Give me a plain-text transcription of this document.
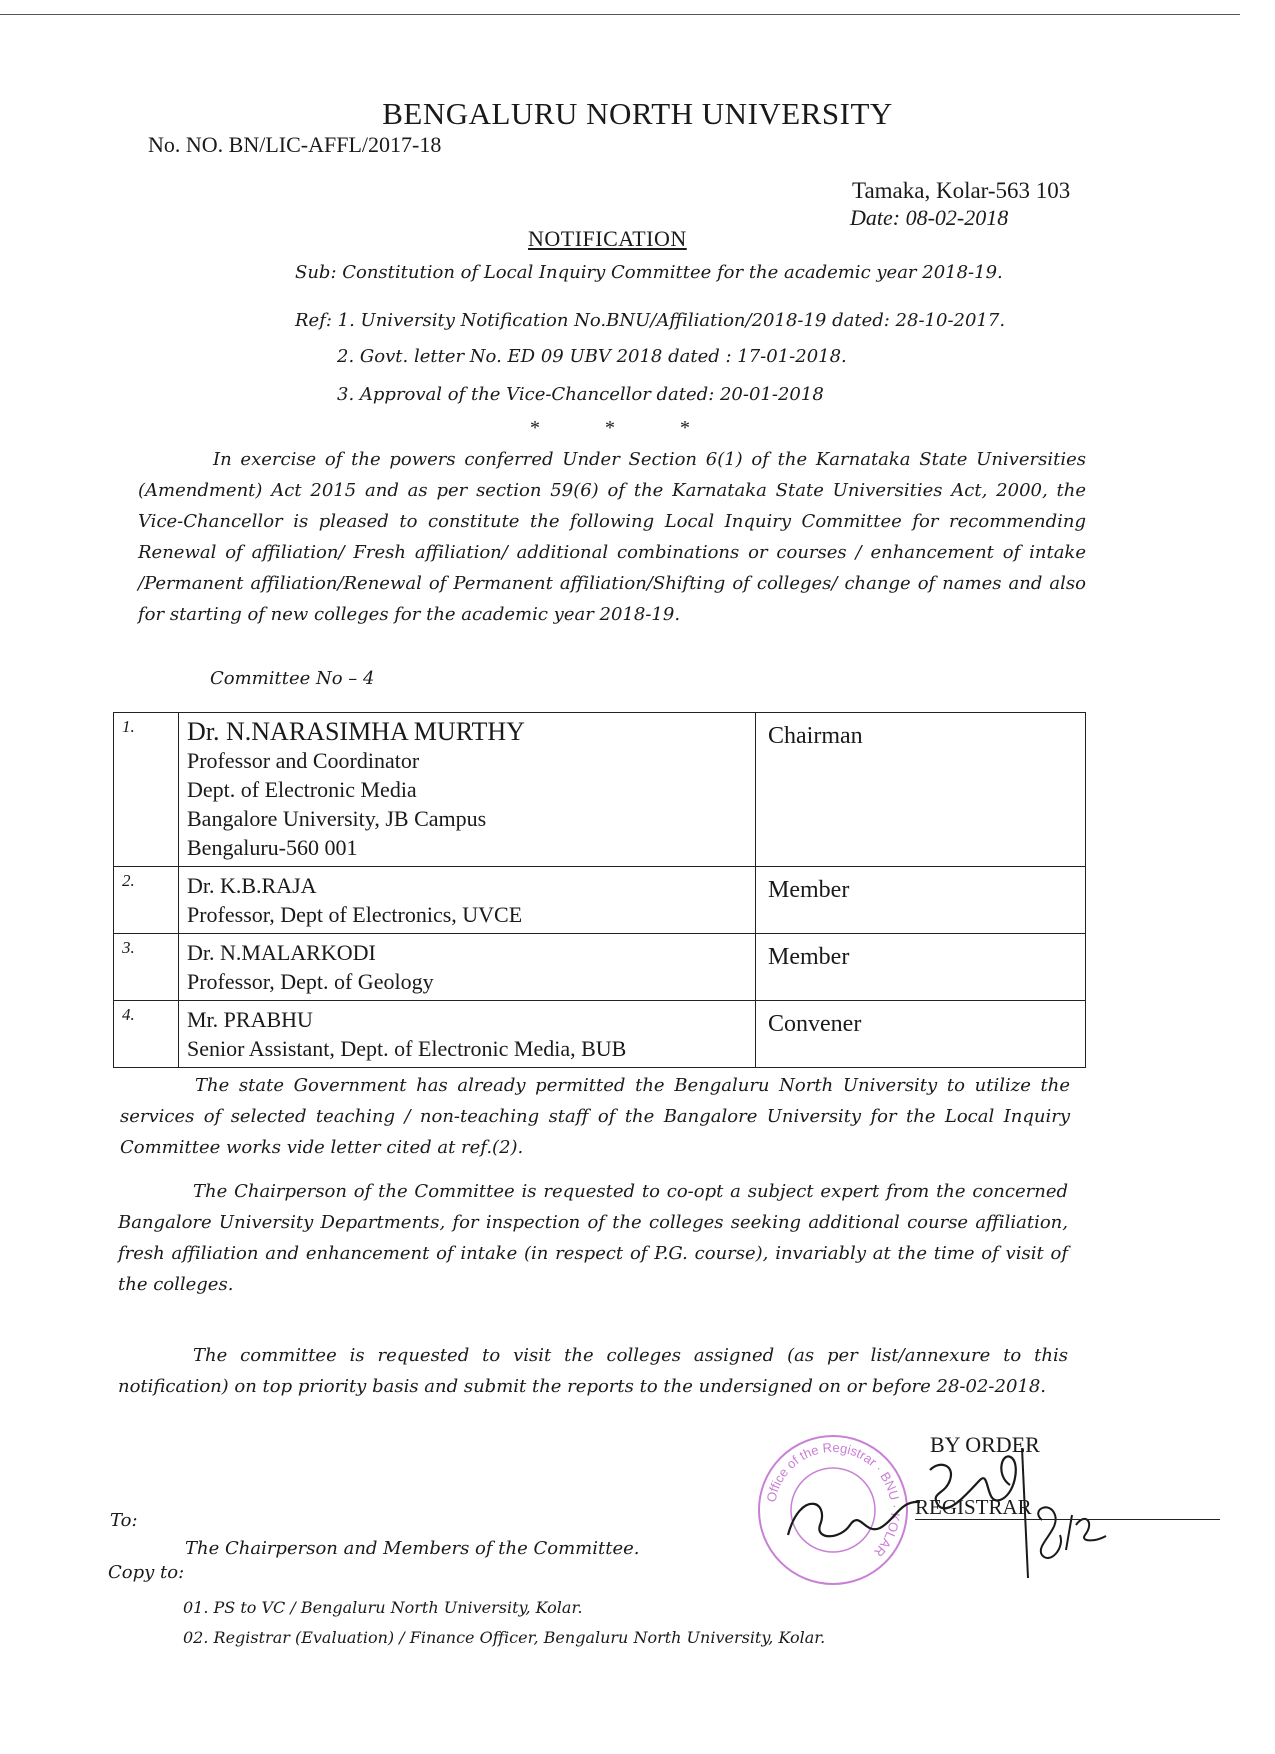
BENGALURU NORTH UNIVERSITY
No. NO. BN/LIC-AFFL/2017-18
Tamaka, Kolar-563 103
Date: 08-02-2018
NOTIFICATION
Sub: Constitution of Local Inquiry Committee for the academic year 2018-19.
Ref: 1. University Notification No.BNU/Affiliation/2018-19 dated: 28-10-2017.
2. Govt. letter No. ED 09 UBV 2018 dated : 17-01-2018.
3. Approval of the Vice-Chancellor dated: 20-01-2018
*	*	*
In exercise of the powers conferred Under Section 6(1) of the Karnataka State Universities (Amendment) Act 2015 and as per section 59(6) of the Karnataka State Universities Act, 2000, the Vice-Chancellor is pleased to constitute the following Local Inquiry Committee for recommending Renewal of affiliation/ Fresh affiliation/ additional combinations or courses / enhancement of intake /Permanent affiliation/Renewal of Permanent affiliation/Shifting of colleges/ change of names and also for starting of new colleges for the academic year 2018-19.
Committee No – 4
1.	Dr. N.NARASIMHA MURTHY
Professor and Coordinator
Dept. of Electronic Media
Bangalore University, JB Campus
Bengaluru-560 001	Chairman
2.	Dr. K.B.RAJA
Professor, Dept of Electronics, UVCE	Member
3.	Dr. N.MALARKODI
Professor, Dept. of Geology	Member
4.	Mr. PRABHU
Senior Assistant, Dept. of Electronic Media, BUB	Convener
The state Government has already permitted the Bengaluru North University to utilize the services of selected teaching / non-teaching staff of the Bangalore University for the Local Inquiry Committee works vide letter cited at ref.(2).
The Chairperson of the Committee is requested to co-opt a subject expert from the concerned Bangalore University Departments, for inspection of the colleges seeking additional course affiliation, fresh affiliation and enhancement of intake (in respect of P.G. course), invariably at the time of visit of the colleges.
The committee is requested to visit the colleges assigned (as per list/annexure to this notification) on top priority basis and submit the reports to the undersigned on or before 28-02-2018.
Office of the Registrar · BNU · KOLAR
BY ORDER
REGISTRAR
To:
The Chairperson and Members of the Committee.
Copy to:
01. PS to VC / Bengaluru North University, Kolar.
02. Registrar (Evaluation) / Finance Officer, Bengaluru North University, Kolar.
